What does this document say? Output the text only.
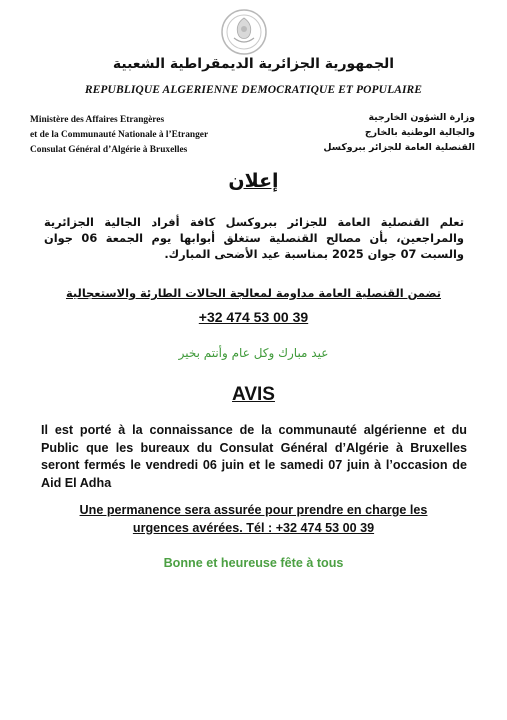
الجمهورية الجزائرية الديمقراطية الشعبية
REPUBLIQUE ALGERIENNE DEMOCRATIQUE ET POPULAIRE
Ministère des Affaires Etrangères
et de la Communauté Nationale à l’Etranger
Consulat Général d’Algérie à Bruxelles
وزارة الشؤون الخارجية
والجالية الوطنية بالخارج
القنصلية العامة للجزائر ببروكسل
إعلان
تعلم القنصلية العامة للجزائر ببروكسل كافة أفراد الجالية الجزائرية والمراجعين، بأن مصالح القنصلية ستغلق أبوابها يوم الجمعة 06 جوان والسبت 07 جوان 2025 بمناسبة عيد الأضحى المبارك.
تضمن القنصلية العامة مداومة لمعالجة الحالات الطارئة والاستعجالية
+32 474 53 00 39
عيد مبارك وكل عام وأنتم بخير
AVIS
Il est porté à la connaissance de la communauté algérienne et du Public que les bureaux du Consulat Général d’Algérie à Bruxelles seront fermés le vendredi 06 juin et le samedi 07 juin à l’occasion de Aid El Adha
Une permanence sera assurée pour prendre en charge les urgences avérées. Tél : +32 474 53 00 39
Bonne et heureuse fête à tous
